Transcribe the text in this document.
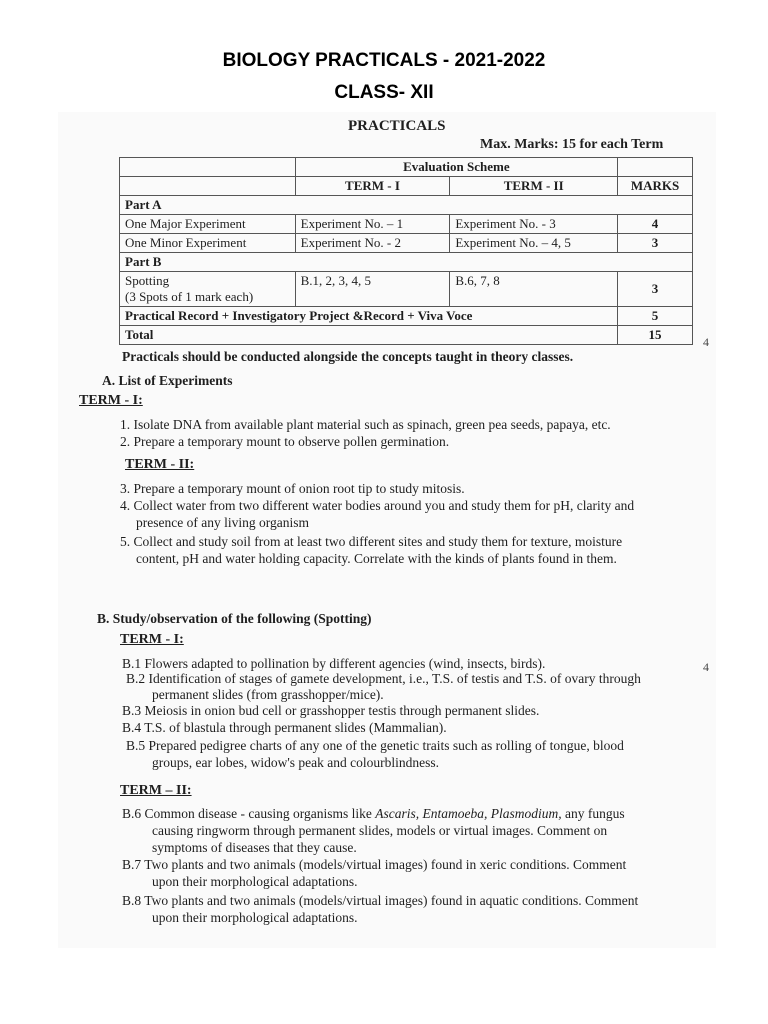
BIOLOGY PRACTICALS - 2021-2022
CLASS- XII
PRACTICALS
Max. Marks: 15 for each Term
	Evaluation Scheme		
	TERM - I	TERM - II	MARKS
Part A			
One Major Experiment	Experiment No. – 1	Experiment No. - 3	4
One Minor Experiment	Experiment No. - 2	Experiment No. – 4, 5	3
Part B			

Spotting
(3 Spots of 1 mark each)	B.1, 2, 3, 4, 5	B.6, 7, 8	3
Practical Record + Investigatory Project &Record + Viva Voce			5
Total			15	4
Practicals should be conducted alongside the concepts taught in theory classes.
A. List of Experiments
TERM - I:
1. Isolate DNA from available plant material such as spinach, green pea seeds, papaya, etc.
2. Prepare a temporary mount to observe pollen germination.
TERM - II:
3. Prepare a temporary mount of onion root tip to study mitosis.
4. Collect water from two different water bodies around you and study them for pH, clarity and
presence of any living organism
5. Collect and study soil from at least two different sites and study them for texture, moisture
content, pH and water holding capacity. Correlate with the kinds of plants found in them.
B. Study/observation of the following (Spotting)
TERM - I:
B.1 Flowers adapted to pollination by different agencies (wind, insects, birds).
B.2 Identification of stages of gamete development, i.e., T.S. of testis and T.S. of ovary through
permanent slides (from grasshopper/mice).
B.3 Meiosis in onion bud cell or grasshopper testis through permanent slides.
B.4 T.S. of blastula through permanent slides (Mammalian).
B.5 Prepared pedigree charts of any one of the genetic traits such as rolling of tongue, blood
groups, ear lobes, widow's peak and colourblindness.
4
TERM – II:
B.6 Common disease - causing organisms like Ascaris, Entamoeba, Plasmodium, any fungus
causing ringworm through permanent slides, models or virtual images. Comment on
symptoms of diseases that they cause.
B.7 Two plants and two animals (models/virtual images) found in xeric conditions. Comment
upon their morphological adaptations.
B.8 Two plants and two animals (models/virtual images) found in aquatic conditions. Comment
upon their morphological adaptations.
